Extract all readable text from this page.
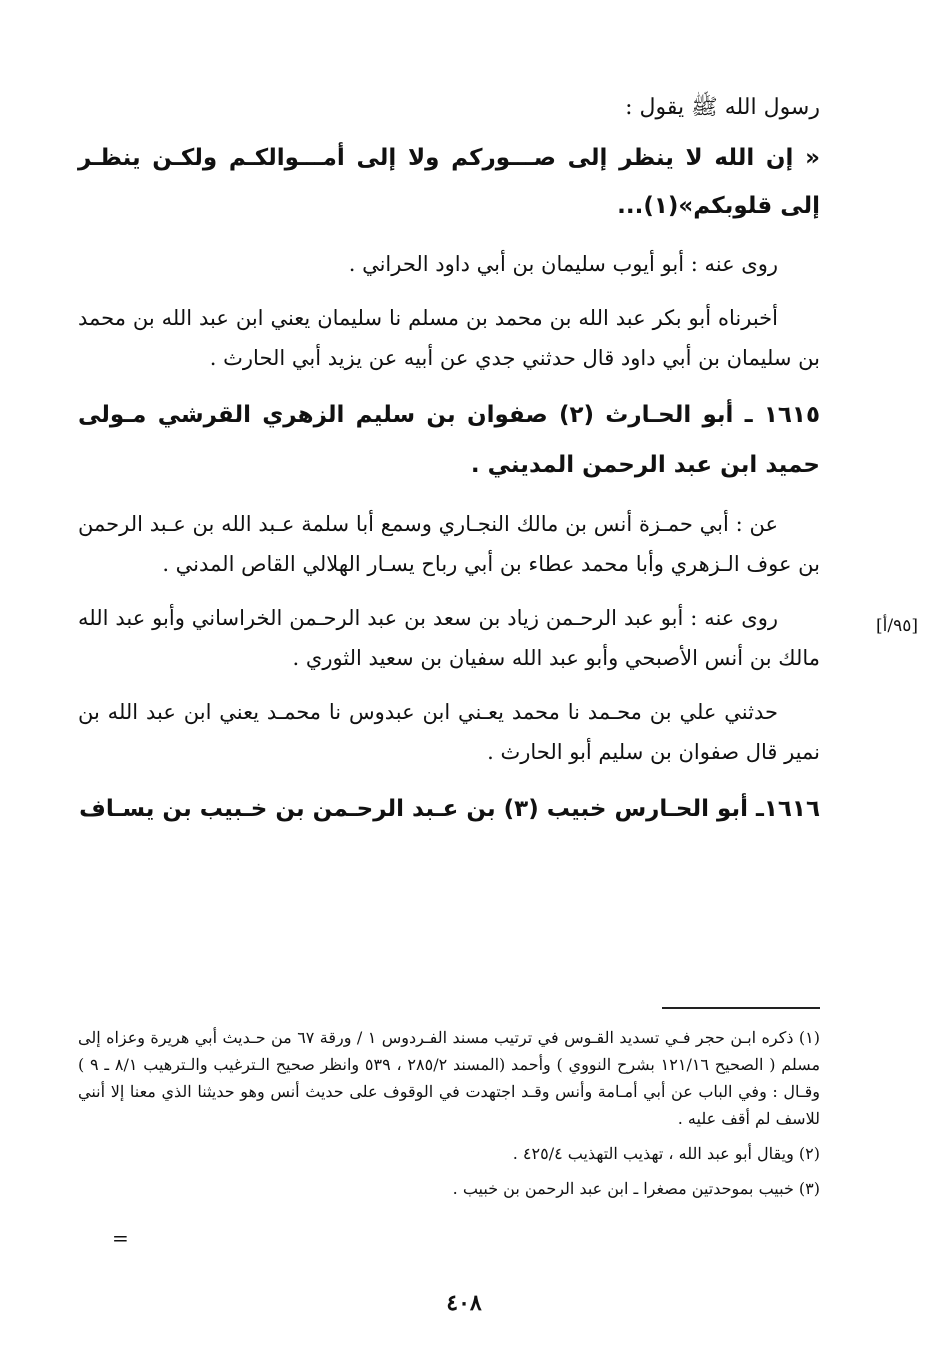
رسول الله ﷺ يقول :

« إن الله لا ينظر إلى صـــوركم ولا إلى أمـــوالكـم ولكـن ينظـر إلى قلوبكم»(١)...

روى عنه : أبو أيوب سليمان بن أبي داود الحراني .

أخبرناه أبو بكر عبد الله بن محمد بن مسلم نا سليمان يعني ابن عبد الله بن محمد بن سليمان بن أبي داود قال حدثني جدي عن أبيه عن يزيد أبي الحارث .

١٦١٥ ـ أبو الحـارث (٢) صفوان بن سليم الزهري القرشي مـولى حميد ابن عبد الرحمن المديني .

عن : أبي حمـزة أنس بن مالك النجـاري وسمع أبا سلمة عـبد الله بن عـبد الرحمن بن عوف الـزهري وأبا محمد عطاء بن أبي رباح يسـار الهلالي القاص المدني .

[٩٥/أ]

روى عنه : أبو عبد الرحـمن زياد بن سعد بن عبد الرحـمن الخراساني وأبو عبد الله مالك بن أنس الأصبحي وأبو عبد الله سفيان بن سعيد الثوري .

حدثني علي بن محـمد نا محمد يعـني ابن عبدوس نا محمـد يعني ابن عبد الله بن نمير قال صفوان بن سليم أبو الحارث .

١٦١٦ـ أبو الحـارس خبيب (٣) بن عـبد الرحـمن بن خـبيب بن يسـاف

(١) ذكره ابـن حجر فـي تسديد القـوس في ترتيب مسند الفـردوس ١ / ورقة ٦٧ من حـديث أبي هريرة وعزاه إلى مسلم ( الصحيح ١٢١/١٦ بشرح النووي ) وأحمد (المسند ٢٨٥/٢ ، ٥٣٩ وانظر صحيح الـترغيب والـترهيب ٨/١ ـ ٩ ) وقـال : وفي الباب عن أبي أمـامة وأنس وقـد اجتهدت في الوقوف على حديث أنس وهو حديثنا الذي معنا إلا أنني للاسف لم أقف عليه .

(٢) ويقال أبو عبد الله ، تهذيب التهذيب ٤٢٥/٤ .

(٣) خبيب بموحدتين مصغرا ـ ابن عبد الرحمن بن خبيب .

=
٤٠٨
